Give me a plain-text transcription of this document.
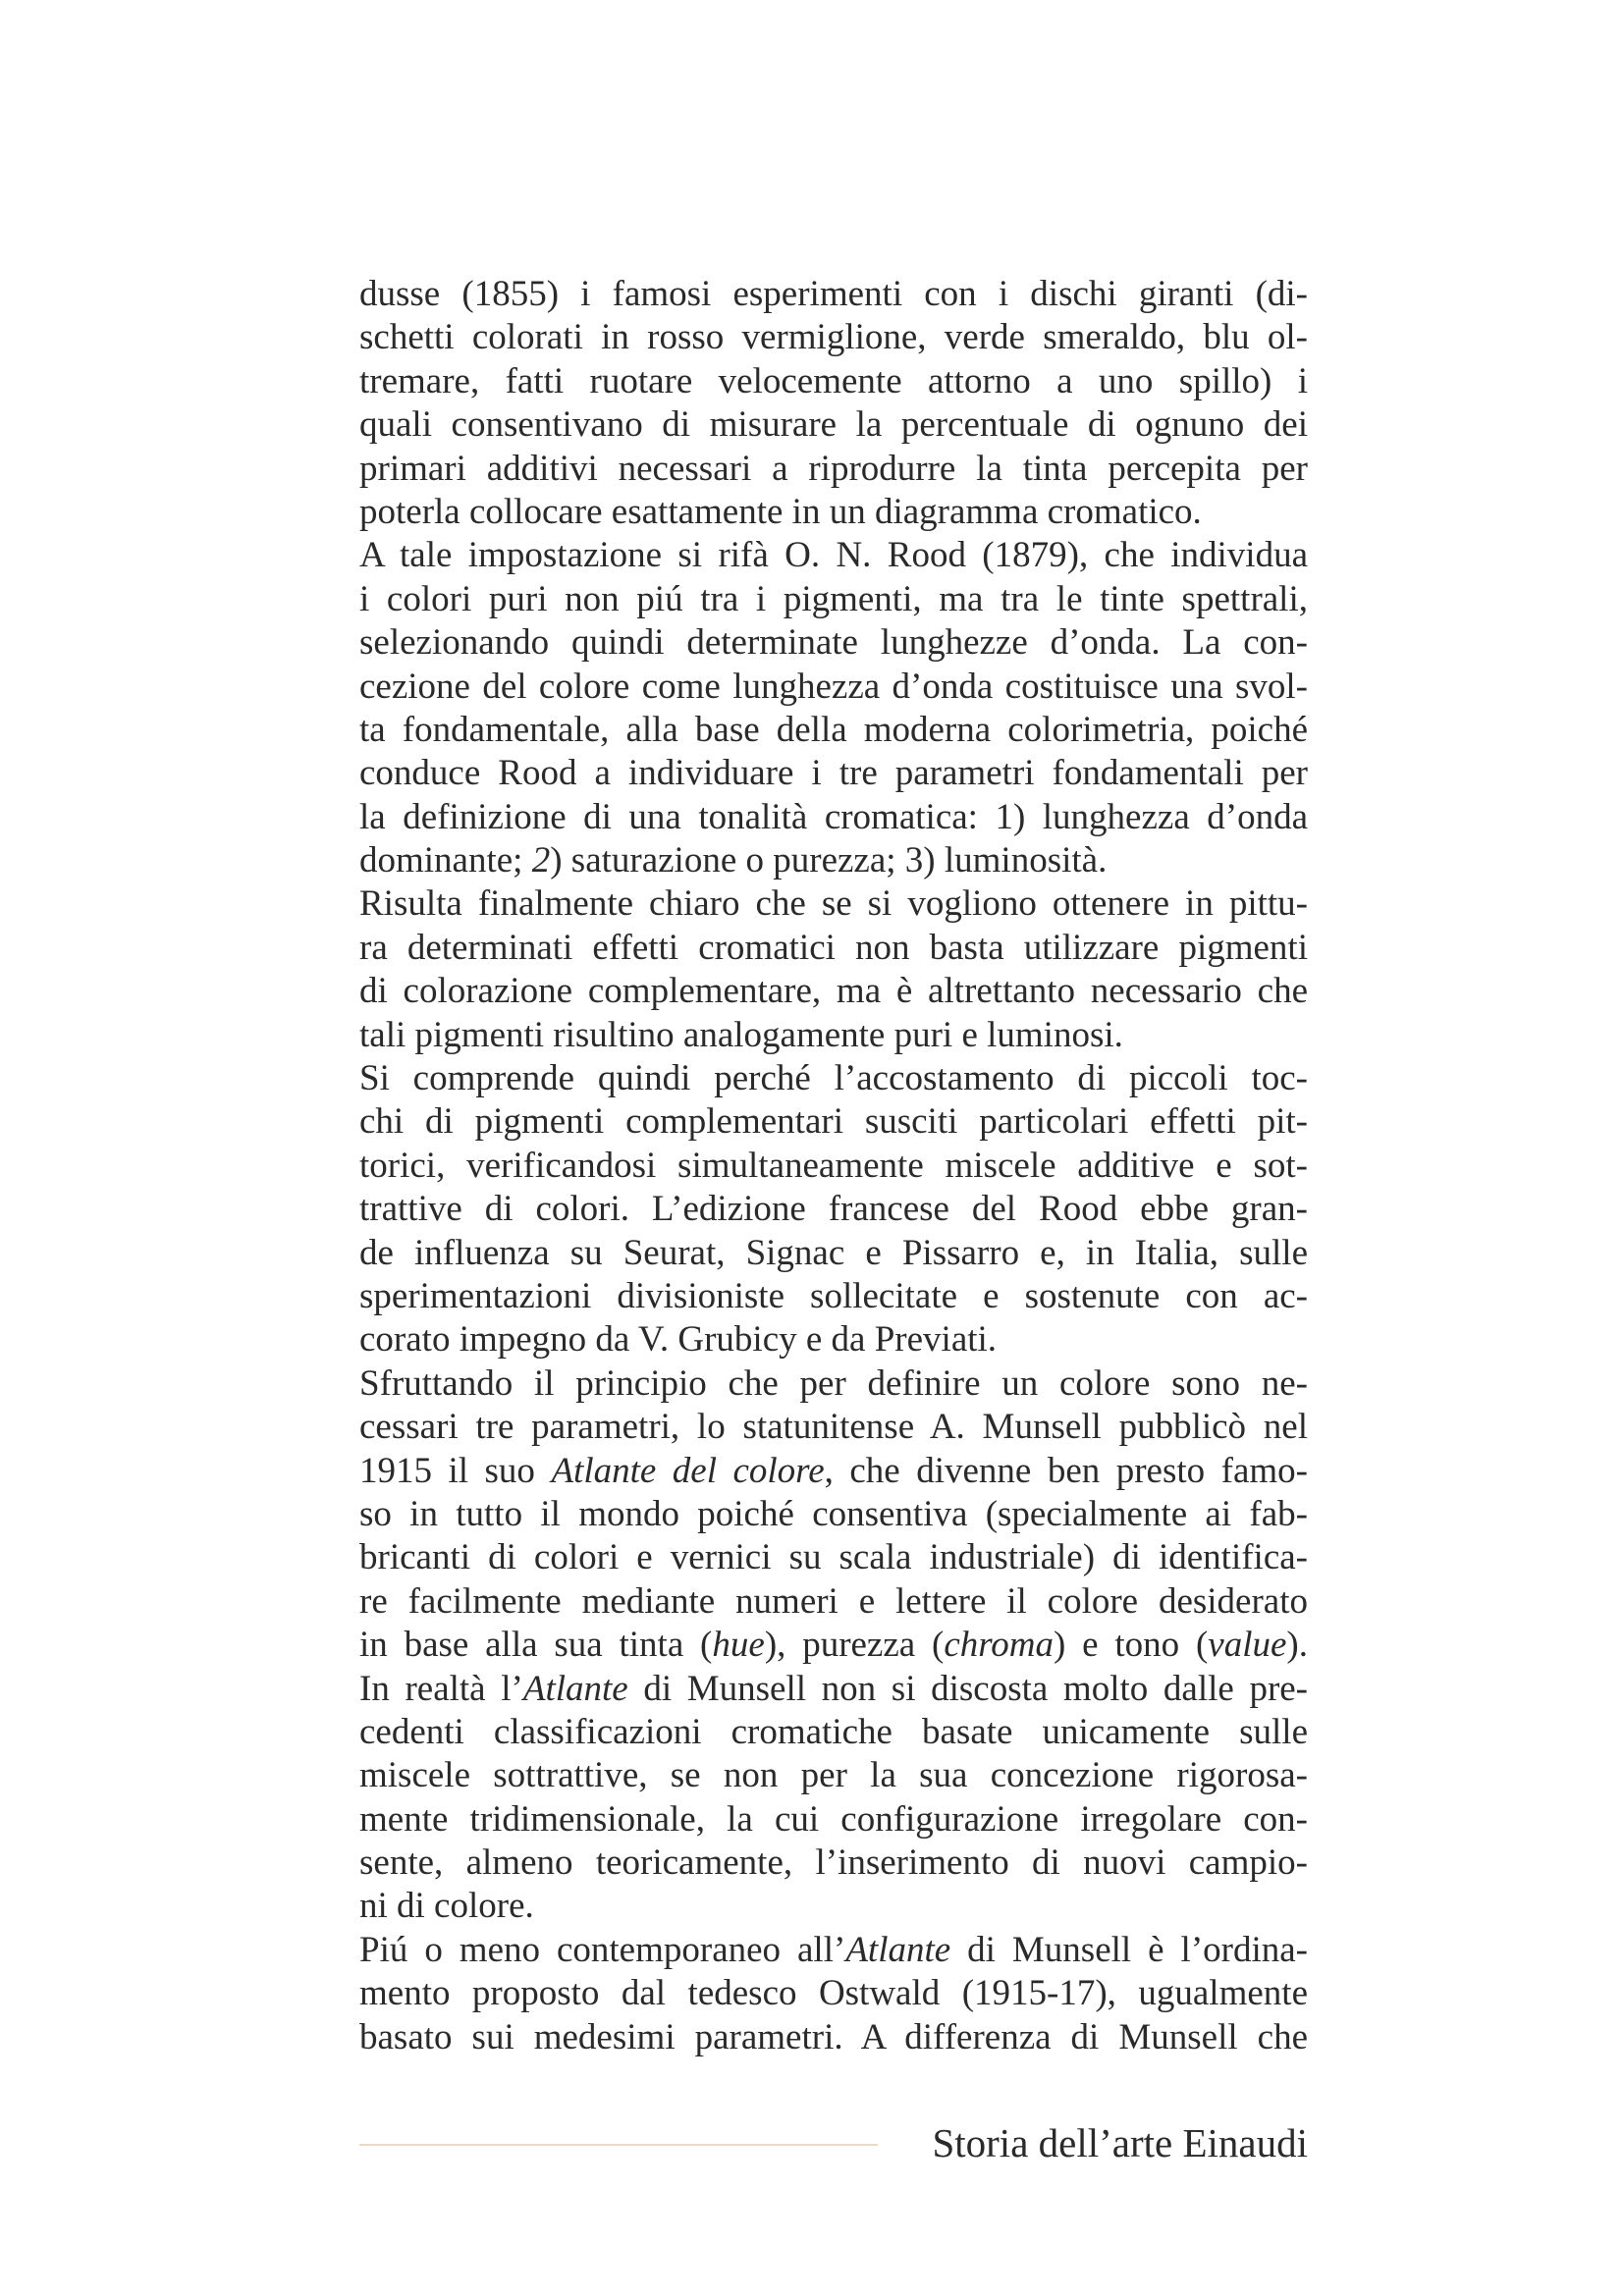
dusse (1855) i famosi esperimenti con i dischi giranti (di-
schetti colorati in rosso vermiglione, verde smeraldo, blu ol-
tremare, fatti ruotare velocemente attorno a uno spillo) i
quali consentivano di misurare la percentuale di ognuno dei
primari additivi necessari a riprodurre la tinta percepita per
poterla collocare esattamente in un diagramma cromatico.
A tale impostazione si rifà O. N. Rood (1879), che individua
i colori puri non piú tra i pigmenti, ma tra le tinte spettrali,
selezionando quindi determinate lunghezze d’onda. La con-
cezione del colore come lunghezza d’onda costituisce una svol-
ta fondamentale, alla base della moderna colorimetria, poiché
conduce Rood a individuare i tre parametri fondamentali per
la definizione di una tonalità cromatica: 1) lunghezza d’onda
dominante; 2) saturazione o purezza; 3) luminosità.
Risulta finalmente chiaro che se si vogliono ottenere in pittu-
ra determinati effetti cromatici non basta utilizzare pigmenti
di colorazione complementare, ma è altrettanto necessario che
tali pigmenti risultino analogamente puri e luminosi.
Si comprende quindi perché l’accostamento di piccoli toc-
chi di pigmenti complementari susciti particolari effetti pit-
torici, verificandosi simultaneamente miscele additive e sot-
trattive di colori. L’edizione francese del Rood ebbe gran-
de influenza su Seurat, Signac e Pissarro e, in Italia, sulle
sperimentazioni divisioniste sollecitate e sostenute con ac-
corato impegno da V. Grubicy e da Previati.
Sfruttando il principio che per definire un colore sono ne-
cessari tre parametri, lo statunitense A. Munsell pubblicò nel
1915 il suo Atlante del colore, che divenne ben presto famo-
so in tutto il mondo poiché consentiva (specialmente ai fab-
bricanti di colori e vernici su scala industriale) di identifica-
re facilmente mediante numeri e lettere il colore desiderato
in base alla sua tinta (hue), purezza (chroma) e tono (value).
In realtà l’Atlante di Munsell non si discosta molto dalle pre-
cedenti classificazioni cromatiche basate unicamente sulle
miscele sottrattive, se non per la sua concezione rigorosa-
mente tridimensionale, la cui configurazione irregolare con-
sente, almeno teoricamente, l’inserimento di nuovi campio-
ni di colore.
Piú o meno contemporaneo all’Atlante di Munsell è l’ordina-
mento proposto dal tedesco Ostwald (1915-17), ugualmente
basato sui medesimi parametri. A differenza di Munsell che
Storia dell’arte Einaudi
